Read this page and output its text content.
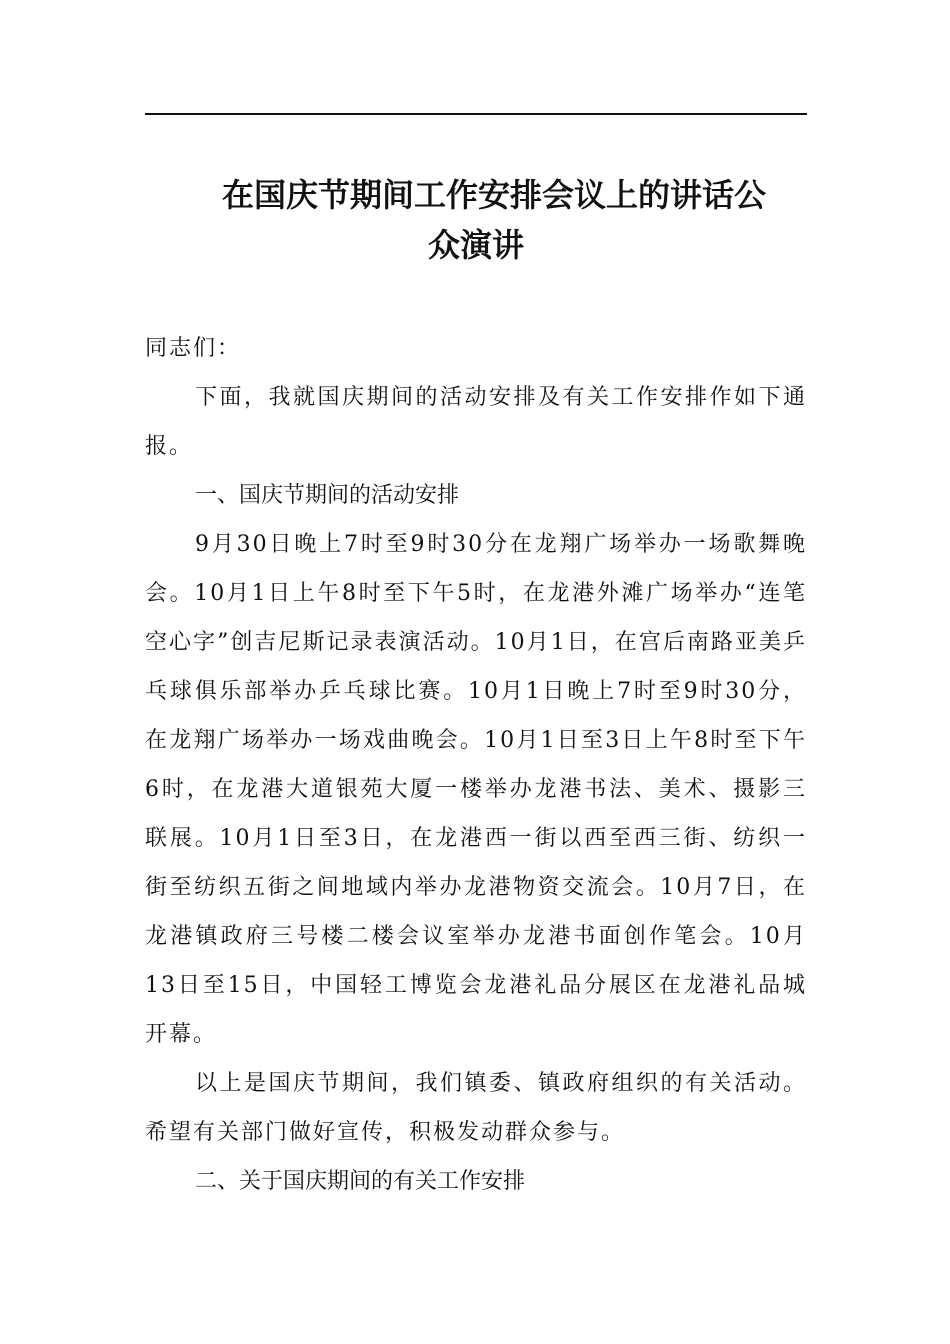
在国庆节期间工作安排会议上的讲话公
众演讲

同志们：

下面，我就国庆期间的活动安排及有关工作安排作如下通报。

一、国庆节期间的活动安排

9月30日晚上7时至9时30分在龙翔广场举办一场歌舞晚会。10月1日上午8时至下午5时，在龙港外滩广场举办“连笔空心字”创吉尼斯记录表演活动。10月1日，在宫后南路亚美乒乓球俱乐部举办乒乓球比赛。10月1日晚上7时至9时30分，在龙翔广场举办一场戏曲晚会。10月1日至3日上午8时至下午6时，在龙港大道银苑大厦一楼举办龙港书法、美术、摄影三联展。10月1日至3日，在龙港西一街以西至西三街、纺织一街至纺织五街之间地域内举办龙港物资交流会。10月7日，在龙港镇政府三号楼二楼会议室举办龙港书面创作笔会。10月13日至15日，中国轻工博览会龙港礼品分展区在龙港礼品城开幕。

以上是国庆节期间，我们镇委、镇政府组织的有关活动。希望有关部门做好宣传，积极发动群众参与。

二、关于国庆期间的有关工作安排
